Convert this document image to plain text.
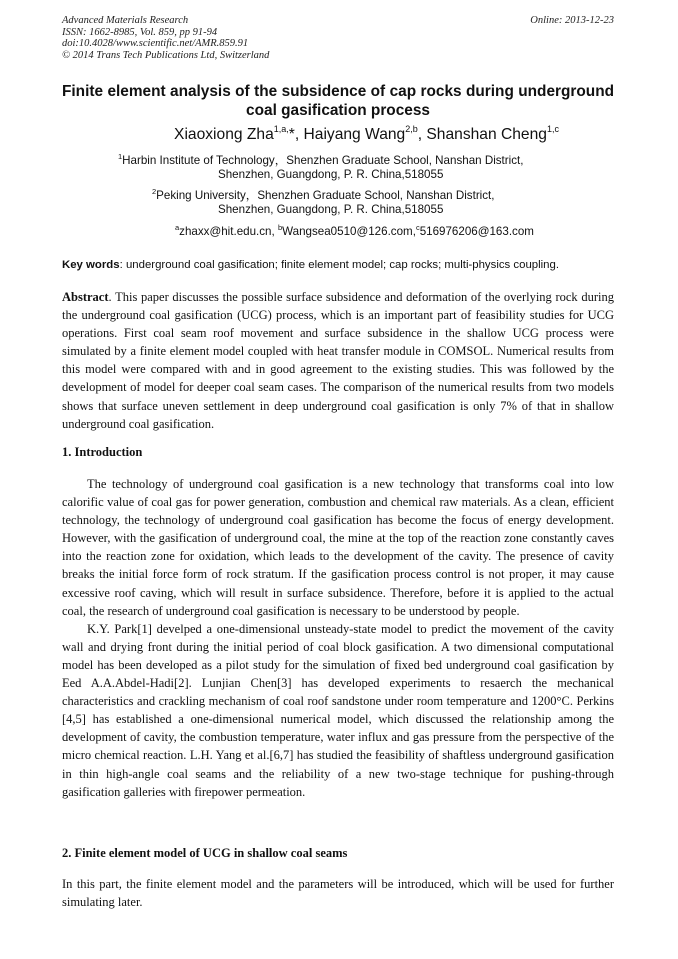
Advanced Materials Research
ISSN: 1662-8985, Vol. 859, pp 91-94
doi:10.4028/www.scientific.net/AMR.859.91
© 2014 Trans Tech Publications Ltd, Switzerland
Online: 2013-12-23
Finite element analysis of the subsidence of cap rocks during underground coal gasification process
Xiaoxiong Zha$^{1,a,}$*, Haiyang Wang$^{2,b}$, Shanshan Cheng$^{1,c}$
$^1$Harbin Institute of Technology，Shenzhen Graduate School, Nanshan District,
Shenzhen, Guangdong, P. R. China,518055
$^2$Peking University，Shenzhen Graduate School, Nanshan District,
Shenzhen, Guangdong, P. R. China,518055
$^a$zhaxx@hit.edu.cn, $^b$Wangsea0510@126.com,$^c$516976206@163.com
Key words: underground coal gasification; finite element model; cap rocks; multi-physics coupling.
Abstract. This paper discusses the possible surface subsidence and deformation of the overlying rock during the underground coal gasification (UCG) process, which is an important part of feasibility studies for UCG operations. First coal seam roof movement and surface subsidence in the shallow UCG process were simulated by a finite element model coupled with heat transfer module in COMSOL. Numerical results from this model were compared with and in good agreement to the existing studies. This was followed by the development of model for deeper coal seam cases. The comparison of the numerical results from two models shows that surface uneven settlement in deep underground coal gasification is only 7% of that in shallow underground coal gasification.
1. Introduction

The technology of underground coal gasification is a new technology that transforms coal into low calorific value of coal gas for power generation, combustion and chemical raw materials. As a clean, efficient technology, the technology of underground coal gasification has become the focus of energy development. However, with the gasification of underground coal, the mine at the top of the reaction zone constantly caves into the reaction zone for oxidation, which leads to the development of the cavity. The presence of cavity breaks the initial force form of rock stratum. If the gasification process control is not proper, it may cause excessive roof caving, which will result in surface subsidence. Therefore, before it is applied to the actual coal, the research of underground coal gasification is necessary to be understood by people.

K.Y. Park[1] develped a one-dimensional unsteady-state model to predict the movement of the cavity wall and drying front during the initial period of coal block gasification. A two dimensional computational model has been developed as a pilot study for the simulation of fixed bed underground coal gasification by Eed A.A.Abdel-Hadi[2]. Lunjian Chen[3] has developed experiments to resaerch the mechanical characteristics and crackling mechanism of coal roof sandstone under room temperature and 1200°C. Perkins [4,5] has established a one-dimensional numerical model, which discussed the relationship among the development of cavity, the combustion temperature, water influx and gas pressure from the perspective of the micro chemical reaction. L.H. Yang et al.[6,7] has studied the feasibility of shaftless underground gasification in thin high-angle coal seams and the reliability of a new two-stage technique for pushing-through gasification galleries with firepower permeation.

2. Finite element model of UCG in shallow coal seams

In this part, the finite element model and the parameters will be introduced, which will be used for further simulating later.
